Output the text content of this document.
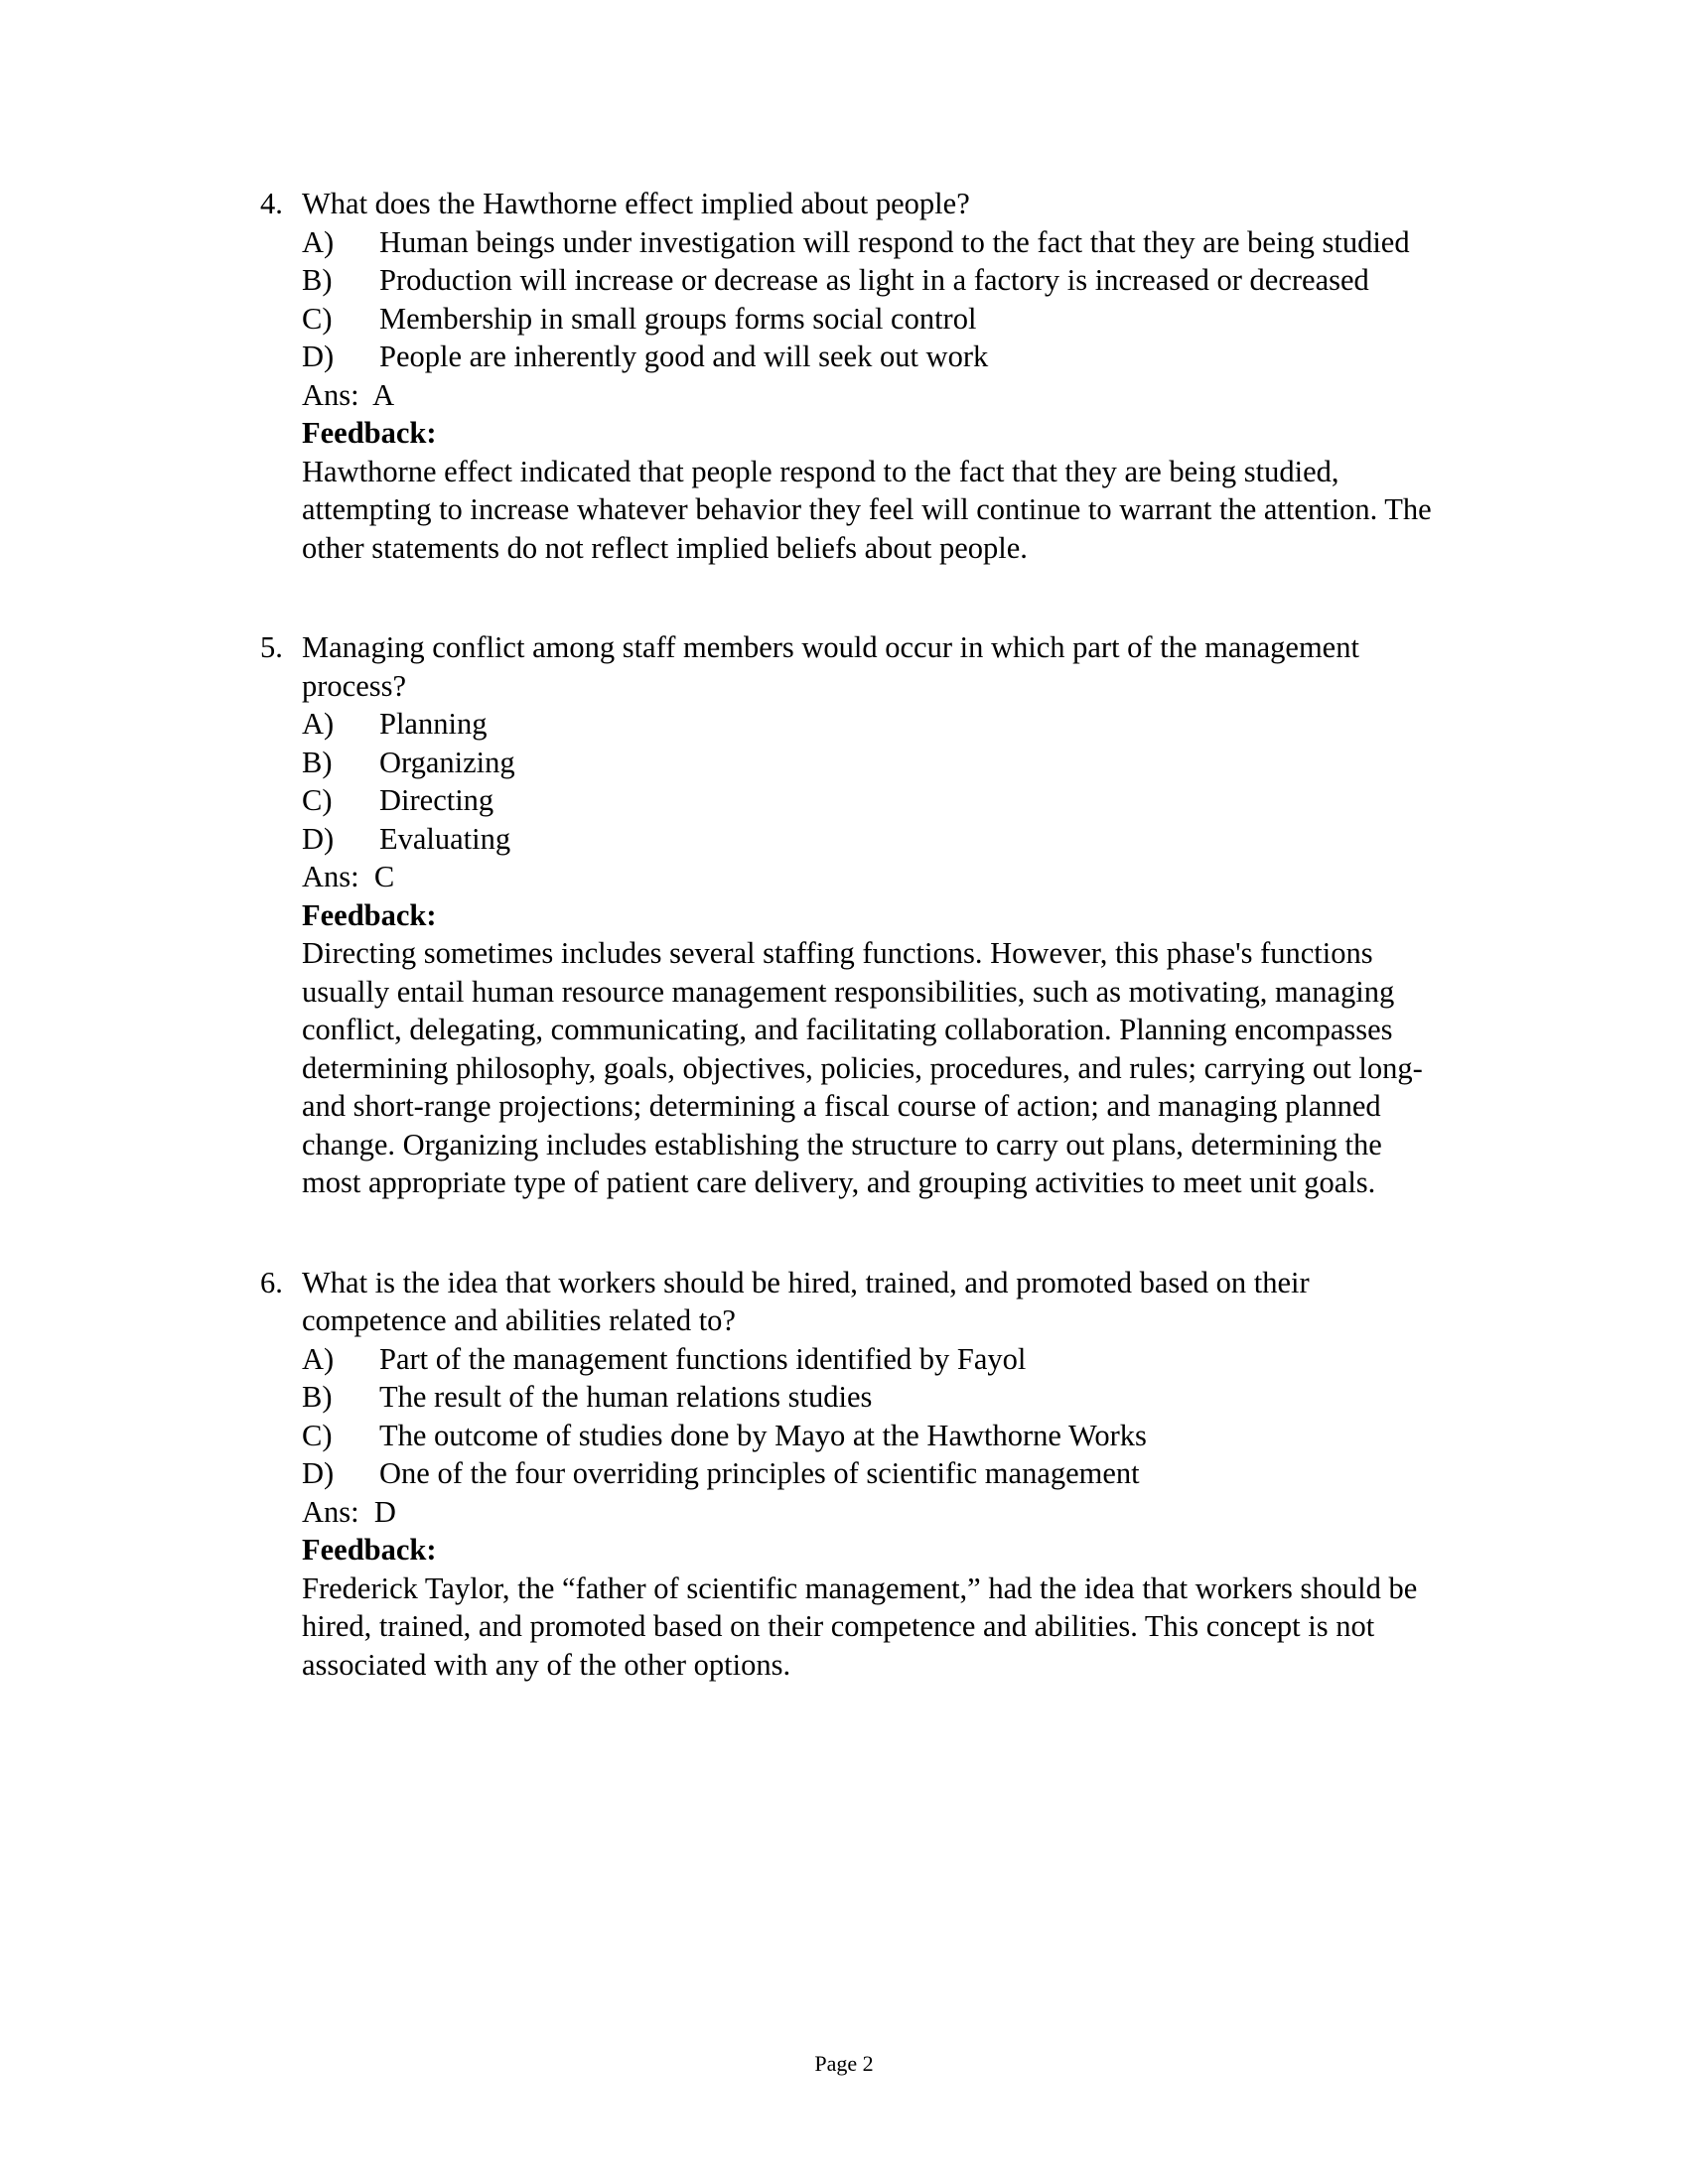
4. What does the Hawthorne effect implied about people?
A)	Human beings under investigation will respond to the fact that they are being studied
B)	Production will increase or decrease as light in a factory is increased or decreased
C)	Membership in small groups forms social control
D)	People are inherently good and will seek out work
Ans:  A
Feedback:
Hawthorne effect indicated that people respond to the fact that they are being studied, attempting to increase whatever behavior they feel will continue to warrant the attention. The other statements do not reflect implied beliefs about people.
5. Managing conflict among staff members would occur in which part of the management process?
A)	Planning
B)	Organizing
C)	Directing
D)	Evaluating
Ans:  C
Feedback:
Directing sometimes includes several staffing functions. However, this phase's functions usually entail human resource management responsibilities, such as motivating, managing conflict, delegating, communicating, and facilitating collaboration. Planning encompasses determining philosophy, goals, objectives, policies, procedures, and rules; carrying out long- and short-range projections; determining a fiscal course of action; and managing planned change. Organizing includes establishing the structure to carry out plans, determining the most appropriate type of patient care delivery, and grouping activities to meet unit goals.
6. What is the idea that workers should be hired, trained, and promoted based on their competence and abilities related to?
A)	Part of the management functions identified by Fayol
B)	The result of the human relations studies
C)	The outcome of studies done by Mayo at the Hawthorne Works
D)	One of the four overriding principles of scientific management
Ans:  D
Feedback:
Frederick Taylor, the “father of scientific management,” had the idea that workers should be hired, trained, and promoted based on their competence and abilities. This concept is not associated with any of the other options.
Page 2
